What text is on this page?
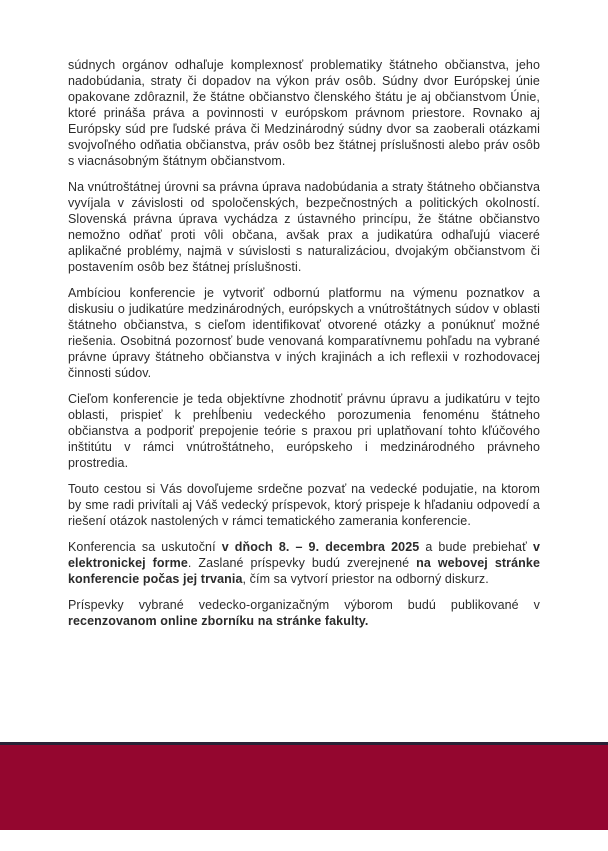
súdnych orgánov odhaľuje komplexnosť problematiky štátneho občianstva, jeho nadobúdania, straty či dopadov na výkon práv osôb. Súdny dvor Európskej únie opakovane zdôraznil, že štátne občianstvo členského štátu je aj občianstvom Únie, ktoré prináša práva a povinnosti v európskom právnom priestore. Rovnako aj Európsky súd pre ľudské práva či Medzinárodný súdny dvor sa zaoberali otázkami svojvoľného odňatia občianstva, práv osôb bez štátnej príslušnosti alebo práv osôb s viacnásobným štátnym občianstvom.

Na vnútroštátnej úrovni sa právna úprava nadobúdania a straty štátneho občianstva vyvíjala v závislosti od spoločenských, bezpečnostných a politických okolností. Slovenská právna úprava vychádza z ústavného princípu, že štátne občianstvo nemožno odňať proti vôli občana, avšak prax a judikatúra odhaľujú viaceré aplikačné problémy, najmä v súvislosti s naturalizáciou, dvojakým občianstvom či postavením osôb bez štátnej príslušnosti.

Ambíciou konferencie je vytvoriť odbornú platformu na výmenu poznatkov a diskusiu o judikatúre medzinárodných, európskych a vnútroštátnych súdov v oblasti štátneho občianstva, s cieľom identifikovať otvorené otázky a ponúknuť možné riešenia. Osobitná pozornosť bude venovaná komparatívnemu pohľadu na vybrané právne úpravy štátneho občianstva v iných krajinách a ich reflexii v rozhodovacej činnosti súdov.

Cieľom konferencie je teda objektívne zhodnotiť právnu úpravu a judikatúru v tejto oblasti, prispieť k prehĺbeniu vedeckého porozumenia fenoménu štátneho občianstva a podporiť prepojenie teórie s praxou pri uplatňovaní tohto kľúčového inštitútu v rámci vnútroštátneho, európskeho i medzinárodného právneho prostredia.

Touto cestou si Vás dovoľujeme srdečne pozvať na vedecké podujatie, na ktorom by sme radi privítali aj Váš vedecký príspevok, ktorý prispeje k hľadaniu odpovedí a riešení otázok nastolených v rámci tematického zamerania konferencie.

Konferencia sa uskutoční v dňoch 8. – 9. decembra 2025 a bude prebiehať v elektronickej forme. Zaslané príspevky budú zverejnené na webovej stránke konferencie počas jej trvania, čím sa vytvorí priestor na odborný diskurz.

Príspevky vybrané vedecko-organizačným výborom budú publikované v recenzovanom online zborníku na stránke fakulty.
